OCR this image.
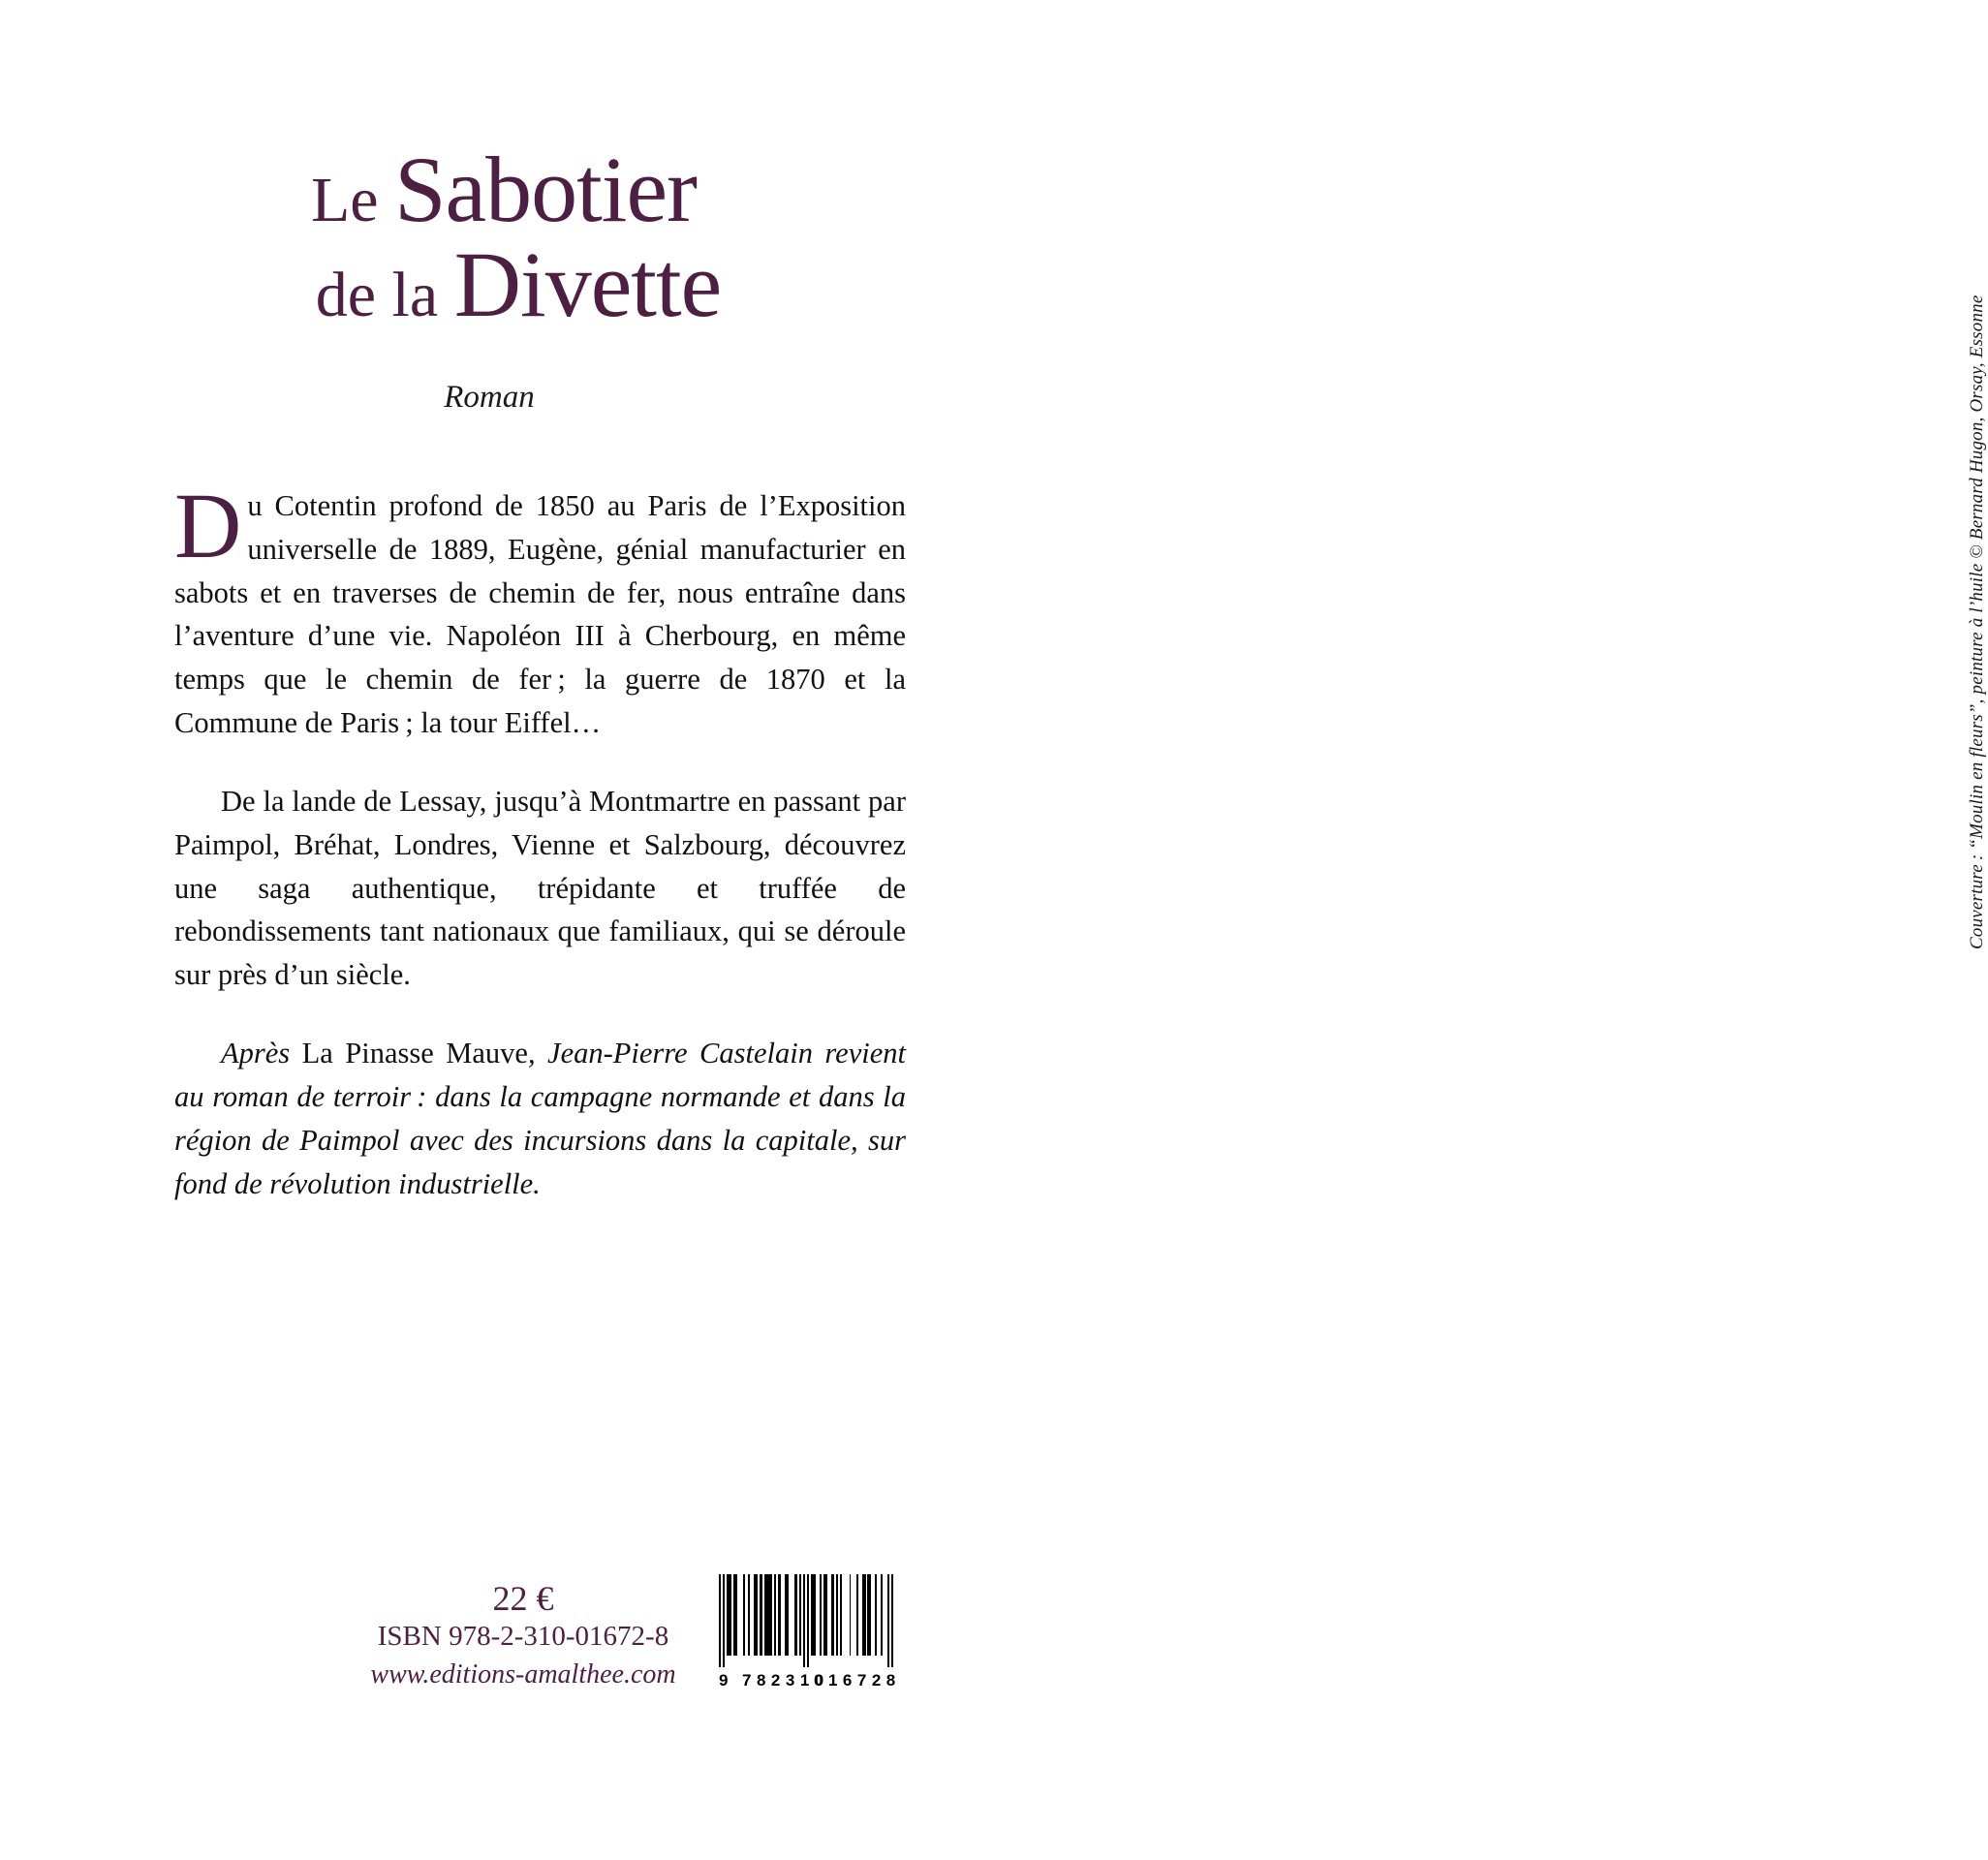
Le Sabotier
de la Divette
Roman

Du Cotentin profond de 1850 au Paris de l’Exposition universelle de 1889, Eugène, génial manufacturier en sabots et en traverses de chemin de fer, nous entraîne dans l’aventure d’une vie. Napoléon III à Cherbourg, en même temps que le chemin de fer ; la guerre de 1870 et la Commune de Paris ; la tour Eiffel…

De la lande de Lessay, jusqu’à Montmartre en passant par Paimpol, Bréhat, Londres, Vienne et Salzbourg, découvrez une saga authentique, trépidante et truffée de rebondissements tant nationaux que familiaux, qui se déroule sur près d’un siècle.

Après La Pinasse Mauve, Jean-Pierre Castelain revient au roman de terroir : dans la campagne normande et dans la région de Paimpol avec des incursions dans la capitale, sur fond de révolution industrielle.

Couverture : “Moulin en fleurs”, peinture à l’huile © Bernard Hugon, Orsay, Essonne
22 €
ISBN 978-2-310-01672-8
www.editions-amalthee.com	9 782310
016728
